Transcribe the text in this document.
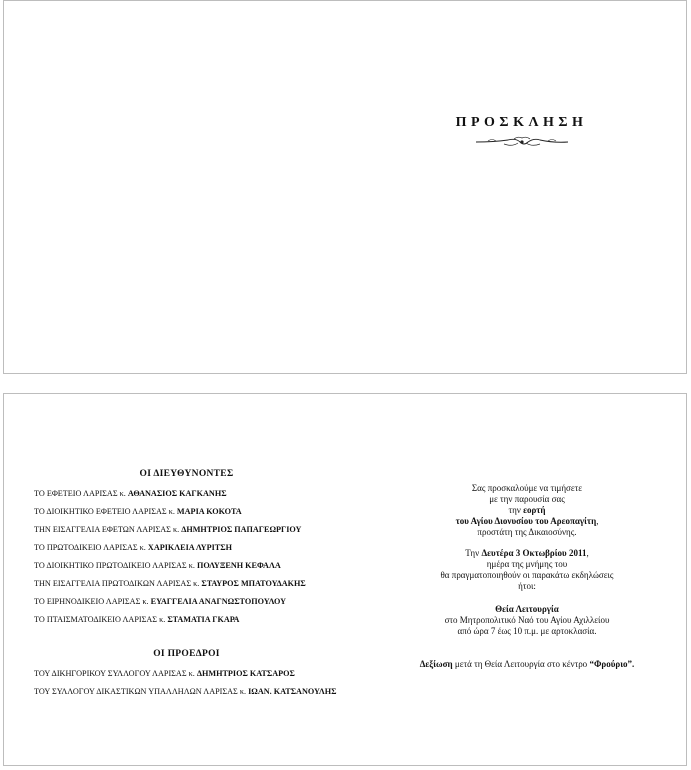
ΠΡΟΣΚΛΗΣΗ
ΟΙ ΔΙΕΥΘΥΝΟΝΤΕΣ
ΤΟ ΕΦΕΤΕΙΟ ΛΑΡΙΣΑΣ κ. ΑΘΑΝΑΣΙΟΣ ΚΑΓΚΑΝΗΣ
ΤΟ ΔΙΟΙΚΗΤΙΚΟ ΕΦΕΤΕΙΟ ΛΑΡΙΣΑΣ κ. ΜΑΡΙΑ ΚΟΚΟΤΑ
ΤΗΝ ΕΙΣΑΓΓΕΛΙΑ ΕΦΕΤΩΝ ΛΑΡΙΣΑΣ κ. ΔΗΜΗΤΡΙΟΣ ΠΑΠΑΓΕΩΡΓΙΟΥ
ΤΟ ΠΡΩΤΟΔΙΚΕΙΟ ΛΑΡΙΣΑΣ κ. ΧΑΡΙΚΛΕΙΑ ΛΥΡΙΤΣΗ
ΤΟ ΔΙΟΙΚΗΤΙΚΟ ΠΡΩΤΟΔΙΚΕΙΟ ΛΑΡΙΣΑΣ κ. ΠΟΛΥΞΕΝΗ ΚΕΦΑΛΑ
ΤΗΝ ΕΙΣΑΓΓΕΛΙΑ ΠΡΩΤΟΔΙΚΩΝ ΛΑΡΙΣΑΣ κ. ΣΤΑΥΡΟΣ ΜΠΑΤΟΥΔΑΚΗΣ
ΤΟ ΕΙΡΗΝΟΔΙΚΕΙΟ ΛΑΡΙΣΑΣ κ. ΕΥΑΓΓΕΛΙΑ ΑΝΑΓΝΩΣΤΟΠΟΥΛΟΥ
ΤΟ ΠΤΑΙΣΜΑΤΟΔΙΚΕΙΟ ΛΑΡΙΣΑΣ κ. ΣΤΑΜΑΤΙΑ ΓΚΑΡΑ
ΟΙ ΠΡΟΕΔΡΟΙ
ΤΟΥ ΔΙΚΗΓΟΡΙΚΟΥ ΣΥΛΛΟΓΟΥ ΛΑΡΙΣΑΣ κ. ΔΗΜΗΤΡΙΟΣ ΚΑΤΣΑΡΟΣ
ΤΟΥ ΣΥΛΛΟΓΟΥ ΔΙΚΑΣΤΙΚΩΝ ΥΠΑΛΛΗΛΩΝ ΛΑΡΙΣΑΣ κ. ΙΩΑΝ. ΚΑΤΣΑΝΟΥΛΗΣ

Σας προσκαλούμε να τιμήσετε

με την παρουσία σας

την εορτή

του Αγίου Διονυσίου του Αρεοπαγίτη,

προστάτη της Δικαιοσύνης.

Την Δευτέρα 3 Οκτωβρίου 2011,

ημέρα της μνήμης του

θα πραγματοποιηθούν οι παρακάτω εκδηλώσεις

ήτοι:

Θεία Λειτουργία

στο Μητροπολιτικό Ναό του Αγίου Αχιλλείου

από ώρα 7 έως 10 π.μ. με αρτοκλασία.

Δεξίωση μετά τη Θεία Λειτουργία στο κέντρο “Φρούριο”.
